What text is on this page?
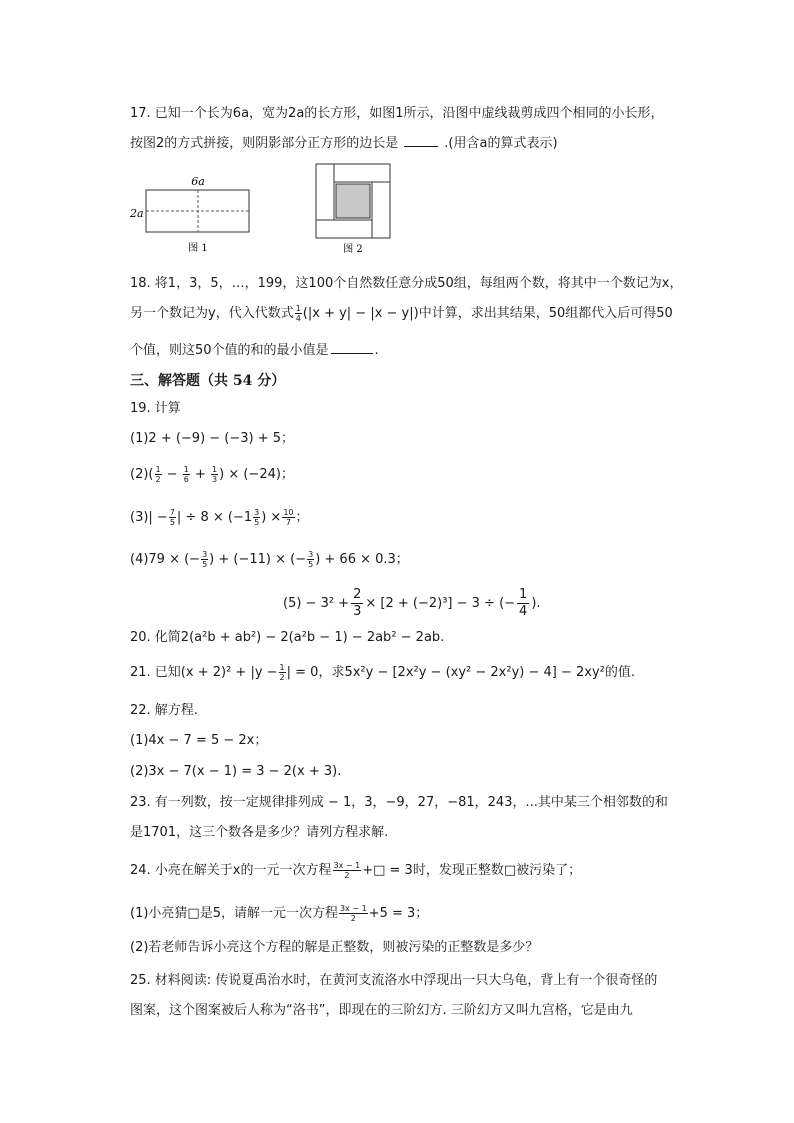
17. 已知一个长为6a，宽为2a的长方形，如图1所示，沿图中虚线裁剪成四个相同的小长形，
按图2的方式拼接，则阴影部分正方形的边长是	.(用含a的算式表示)
6a
2a
图 1	图 2
18. 将1，3，5，…，199，这100个自然数任意分成50组，每组两个数，将其中一个数记为x，
另一个数记为y，代入代数式 $\frac{1}{4} (|x + y| - |x - y|)$中计算，求出其结果，50组都代入后可得50
个值，则这50个值的和的最小值是	.
三、解答题（共 54 分）
19. 计算
(1)2 + (−9) − (−3) + 5；
$(2)( \frac{1}{2} - \frac{1}{6} + \frac{1}{3}$ ) × (−24)；
$(3)| - \frac{7}{5}$ | ÷ $8 \times (-1 \frac{3}{5}$ ) × $\frac{10}{7}$ ；
(4)79 × (− $\frac{3}{5}$ ) + (−11) × (− $\frac{3}{5}$ ) + 66 × 0.3；
$(5) - 3^2 + \frac{2}{3} \times [2 + (-2)^3] - 3$ ÷ (− $\frac{1}{4}$ ).
20. 化简2(a²b + ab²) − 2(a²b − 1) − 2ab² − 2ab.
21. 已知$(x + 2)^2 + |y - \frac{1}{2}$ | = 0，求5x²y − [2x²y − (xy² − 2x²y) − 4] − 2xy²的值.
22. 解方程.
(1)4x − 7 = 5 − 2x；
(2)3x − 7(x − 1) = 3 − 2(x + 3).
23. 有一列数，按一定规律排列成 − 1，3，−9，27，−81，243，...其中某三个相邻数的和
是1701，这三个数各是多少？请列方程求解.
24. 小亮在解关于x的一元一次方程 $\frac{3x - 1}{2}$ +□ = 3时，发现正整数□被污染了；
(1)小亮猜□是5，请解一元一次方程 $\frac{3x - 1}{2} +5 = 3$；
(2)若老师告诉小亮这个方程的解是正整数，则被污染的正整数是多少？
25. 材料阅读: 传说夏禹治水时，在黄河支流洛水中浮现出一只大乌龟，背上有一个很奇怪的
图案，这个图案被后人称为“洛书”，即现在的三阶幻方. 三阶幻方又叫九宫格，它是由九
